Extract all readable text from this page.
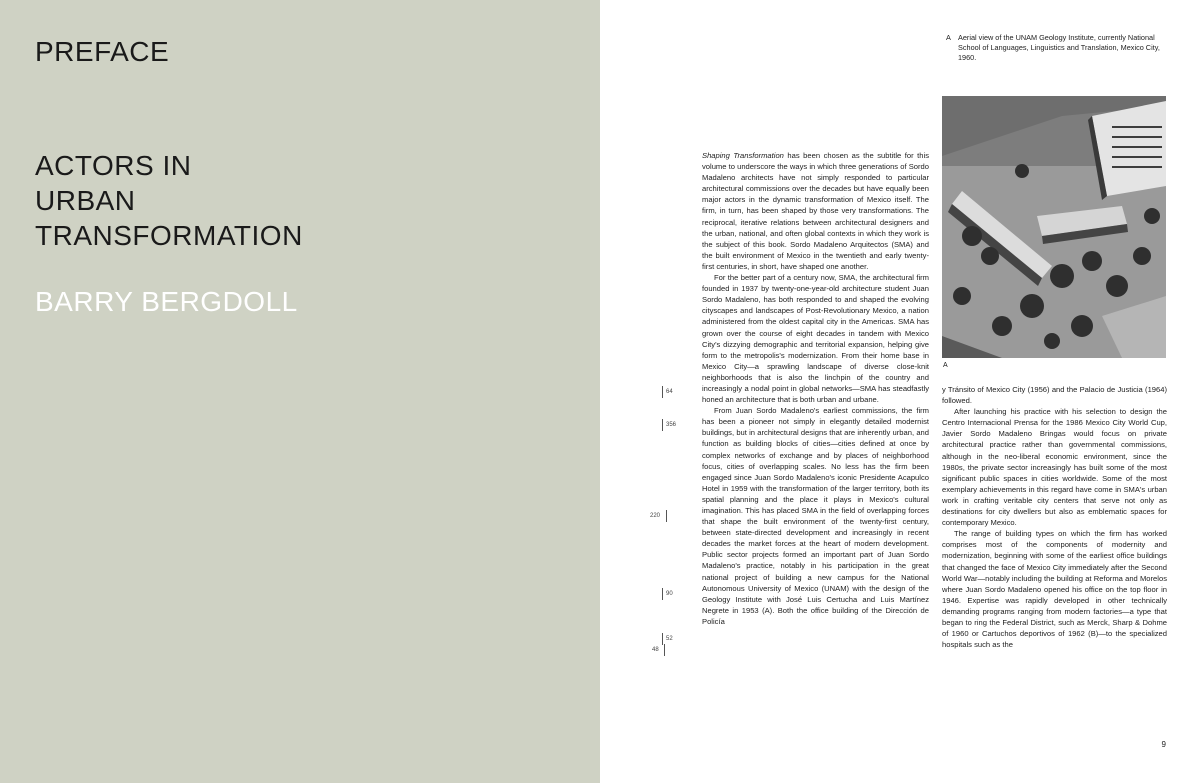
PREFACE
ACTORS IN
URBAN
TRANSFORMATION
BARRY BERGDOLL
A Aerial view of the UNAM Geology Institute, currently National School of Languages, Linguistics and Translation, Mexico City, 1960.
A

Shaping Transformation has been chosen as the subtitle for this volume to underscore the ways in which three generations of Sordo Madaleno architects have not simply responded to particular architectural commissions over the decades but have equally been major actors in the dynamic transformation of Mexico itself. The firm, in turn, has been shaped by those very transformations. The reciprocal, iterative relations between architectural designers and the urban, national, and often global contexts in which they work is the subject of this book. Sordo Madaleno Arquitectos (SMA) and the built environment of Mexico in the twentieth and early twenty-first centuries, in short, have shaped one another.

For the better part of a century now, SMA, the architectural firm founded in 1937 by twenty-one-year-old architecture student Juan Sordo Madaleno, has both responded to and shaped the evolving cityscapes and landscapes of Post-Revolutionary Mexico, a nation administered from the oldest capital city in the Americas. SMA has grown over the course of eight decades in tandem with Mexico City's dizzying demographic and territorial expansion, helping give form to the metropolis's modernization. From their home base in Mexico City—a sprawling landscape of diverse close-knit neighborhoods that is also the linchpin of the country and increasingly a nodal point in global networks—SMA has steadfastly honed an architecture that is both urban and urbane.

From Juan Sordo Madaleno's earliest commissions, the firm has been a pioneer not simply in elegantly detailed modernist buildings, but in architectural designs that are inherently urban, and function as building blocks of cities—cities defined at once by complex networks of exchange and by places of neighborhood focus, cities of overlapping scales. No less has the firm been engaged since Juan Sordo Madaleno's iconic Presidente Acapulco Hotel in 1959 with the transformation of the larger territory, both its spatial planning and the place it plays in Mexico's cultural imagination. This has placed SMA in the field of overlapping forces that shape the built environment of the twenty-first century, between state-directed development and increasingly in recent decades the market forces at the heart of modern development. Public sector projects formed an important part of Juan Sordo Madaleno's practice, notably in his participation in the great national project of building a new campus for the National Autonomous University of Mexico (UNAM) with the design of the Geology Institute with José Luis Certucha and Luis Martínez Negrete in 1953 (A). Both the office building of the Dirección de Policía

y Tránsito of Mexico City (1956) and the Palacio de Justicia (1964) followed.

After launching his practice with his selection to design the Centro Internacional Prensa for the 1986 Mexico City World Cup, Javier Sordo Madaleno Bringas would focus on private architectural practice rather than governmental commissions, although in the neo-liberal economic environment, since the 1980s, the private sector increasingly has built some of the most significant public spaces in cities worldwide. Some of the most exemplary achievements in this regard have come in SMA's urban work in crafting veritable city centers that serve not only as destinations for city dwellers but also as emblematic spaces for contemporary Mexico.

The range of building types on which the firm has worked comprises most of the components of modernity and modernization, beginning with some of the earliest office buildings that changed the face of Mexico City immediately after the Second World War—notably including the building at Reforma and Morelos where Juan Sordo Madaleno opened his office on the top floor in 1946. Expertise was rapidly developed in other technically demanding programs ranging from modern factories—a type that began to ring the Federal District, such as Merck, Sharp & Dohme of 1960 or Cartuchos deportivos of 1962 (B)—to the specialized hospitals such as the

64
356
220
90
52
48
9
